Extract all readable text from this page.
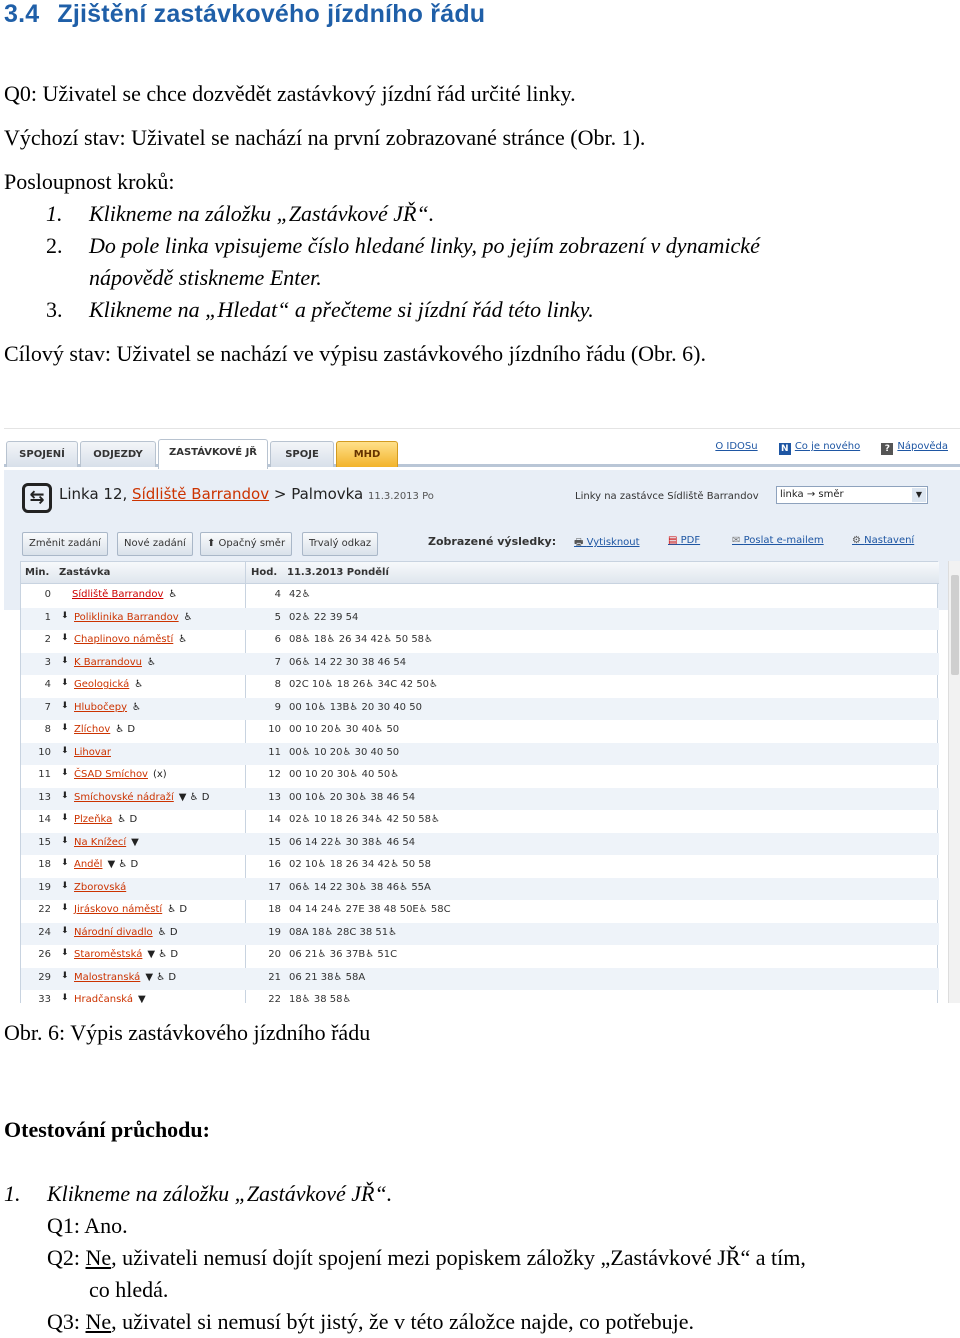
3.4 Zjištění zastávkového jízdního řádu
Q0: Uživatel se chce dozvědět zastávkový jízdní řád určité linky.
Výchozí stav: Uživatel se nachází na první zobrazované stránce (Obr. 1).
Posloupnost kroků:
1. Klikneme na záložku „Zastávkové JŘ“.
2. Do pole linka vpisujeme číslo hledané linky, po jejím zobrazení v dynamické
nápovědě stiskneme Enter.
3. Klikneme na „Hledat“ a přečteme si jízdní řád této linky.
Cílový stav: Uživatel se nachází ve výpisu zastávkového jízdního řádu (Obr. 6).
SPOJENÍ	ODJEZDY	ZASTÁVKOVÉ JŘ	SPOJE	MHD
O IDOSu	N Co je nového	? Nápověda
⇆ Linka 12, Sídliště Barrandov > Palmovka 11.3.2013 Po	Linky na zastávce Sídliště Barrandov	linka → směr	▼
Změnit zadání	Nové zadání	⬆ Opačný směr	Trvalý odkaz	Zobrazené výsledky: 🖶 Vytisknout	▤ PDF	✉ Poslat e-mailem	⚙ Nastavení
Min. Zastávka	Hod. 11.3.2013 Pondělí
0 Sídliště Barrandov ♿	4 42♿
1 ⬇ Poliklinika Barrandov ♿	5 02♿ 22 39 54
2 ⬇ Chaplinovo náměstí ♿	6 08♿ 18♿ 26 34 42♿ 50 58♿
3 ⬇ K Barrandovu ♿	7 06♿ 14 22 30 38 46 54
4 ⬇ Geologická ♿	8 02C 10♿ 18 26♿ 34C 42 50♿
7 ⬇ Hlubočepy ♿	9 00 10♿ 13B♿ 20 30 40 50
8 ⬇ Zlíchov ♿ D	10 00 10 20♿ 30 40♿ 50
10 ⬇ Lihovar	11 00♿ 10 20♿ 30 40 50
11 ⬇ ČSAD Smíchov (x)	12 00 10 20 30♿ 40 50♿
13 ⬇ Smíchovské nádraží ▼ ♿ D	13 00 10♿ 20 30♿ 38 46 54
14 ⬇ Plzeňka ♿ D	14 02♿ 10 18 26 34♿ 42 50 58♿
15 ⬇ Na Knížecí ▼	15 06 14 22♿ 30 38♿ 46 54
18 ⬇ Anděl ▼ ♿ D	16 02 10♿ 18 26 34 42♿ 50 58
19 ⬇ Zborovská	17 06♿ 14 22 30♿ 38 46♿ 55A
22 ⬇ Jiráskovo náměstí ♿ D	18 04 14 24♿ 27E 38 48 50E♿ 58C
24 ⬇ Národní divadlo ♿ D	19 08A 18♿ 28C 38 51♿
26 ⬇ Staroměstská ▼ ♿ D	20 06 21♿ 36 37B♿ 51C
29 ⬇ Malostranská ▼ ♿ D	21 06 21 38♿ 58A
33 ⬇ Hradčanská ▼	22 18♿ 38 58♿
Obr. 6: Výpis zastávkového jízdního řádu
Otestování průchodu:
1. Klikneme na záložku „Zastávkové JŘ“.
Q1: Ano.
Q2: Ne, uživateli nemusí dojít spojení mezi popiskem záložky „Zastávkové JŘ“ a tím,
co hledá.
Q3: Ne, uživatel si nemusí být jistý, že v této záložce najde, co potřebuje.
